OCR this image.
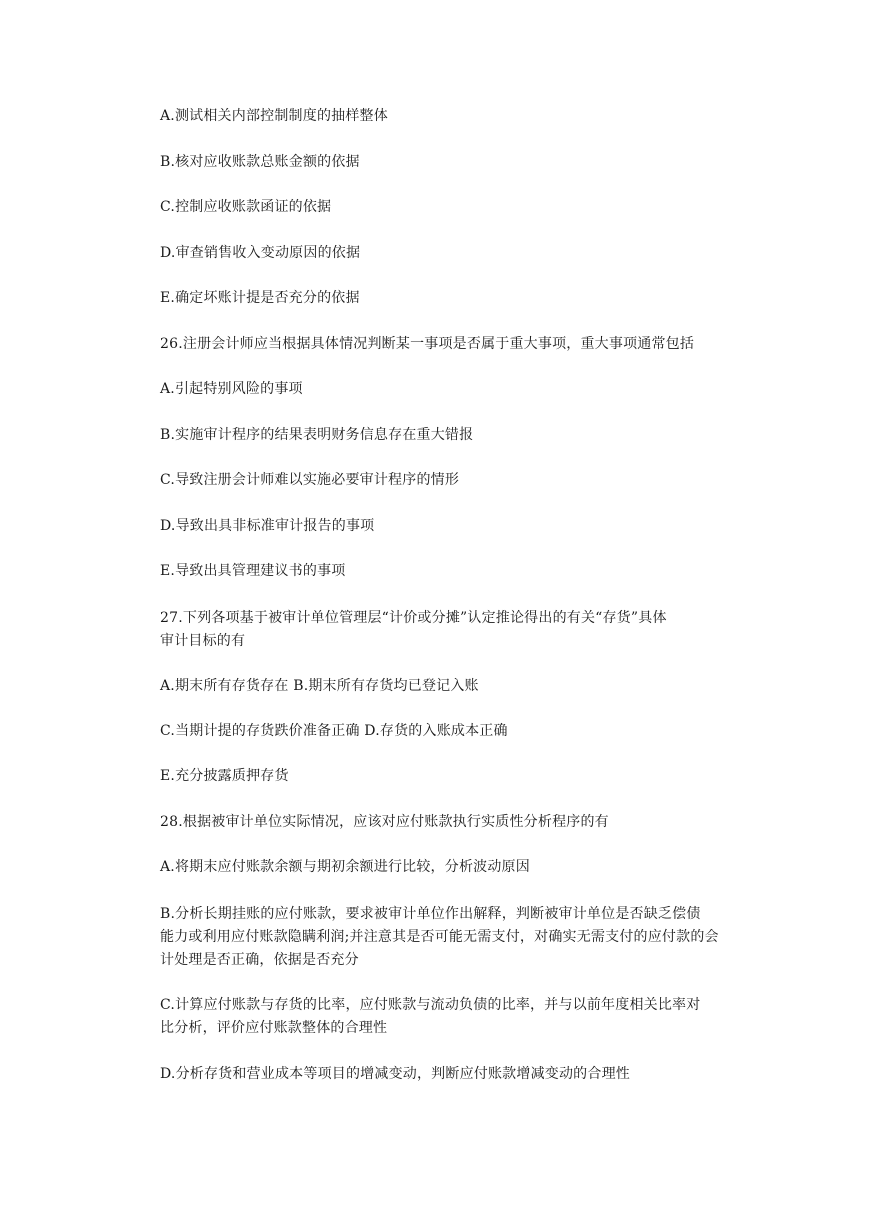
A.测试相关内部控制制度的抽样整体
B.核对应收账款总账金额的依据
C.控制应收账款函证的依据
D.审查销售收入变动原因的依据
E.确定坏账计提是否充分的依据
26.注册会计师应当根据具体情况判断某一事项是否属于重大事项，重大事项通常包括
A.引起特别风险的事项
B.实施审计程序的结果表明财务信息存在重大错报
C.导致注册会计师难以实施必要审计程序的情形
D.导致出具非标准审计报告的事项
E.导致出具管理建议书的事项
27.下列各项基于被审计单位管理层“计价或分摊”认定推论得出的有关“存货”具体
审计目标的有
A.期末所有存货存在 B.期末所有存货均已登记入账
C.当期计提的存货跌价准备正确 D.存货的入账成本正确
E.充分披露质押存货
28.根据被审计单位实际情况，应该对应付账款执行实质性分析程序的有
A.将期末应付账款余额与期初余额进行比较，分析波动原因
B.分析长期挂账的应付账款，要求被审计单位作出解释，判断被审计单位是否缺乏偿债
能力或利用应付账款隐瞒利润;并注意其是否可能无需支付，对确实无需支付的应付款的会
计处理是否正确，依据是否充分
C.计算应付账款与存货的比率，应付账款与流动负债的比率，并与以前年度相关比率对
比分析，评价应付账款整体的合理性
D.分析存货和营业成本等项目的增减变动，判断应付账款增减变动的合理性
